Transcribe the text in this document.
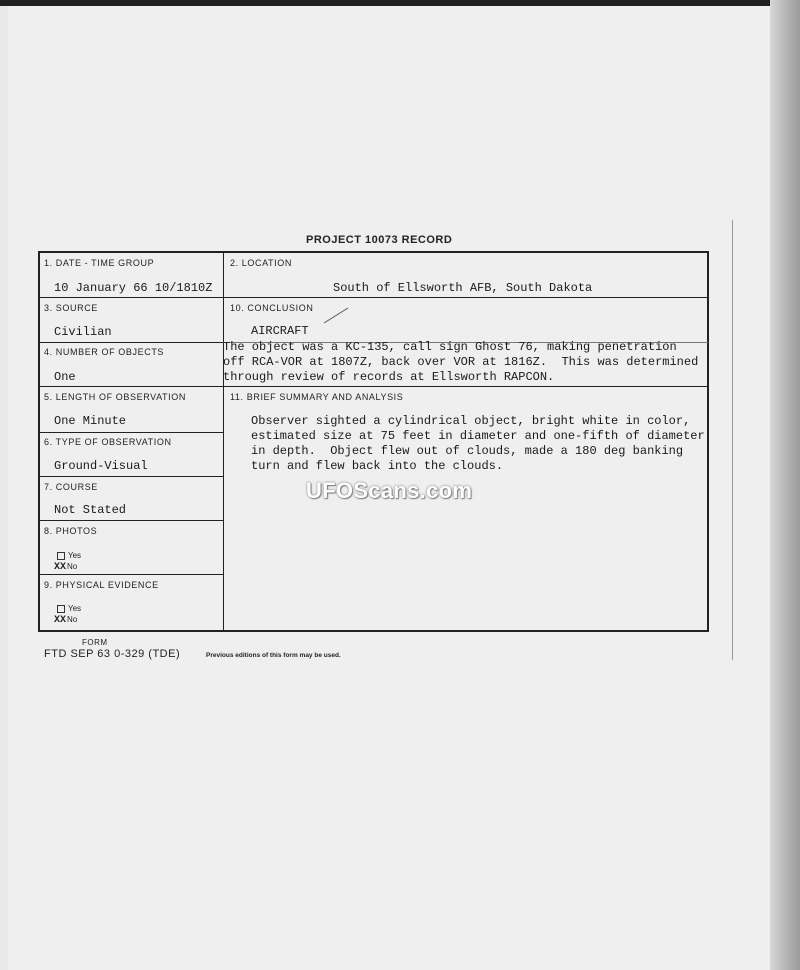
PROJECT 10073 RECORD
1. DATE - TIME GROUP
10 January 66 10/1810Z
2. LOCATION
South of Ellsworth AFB, South Dakota
3. SOURCE
Civilian
10. CONCLUSION
AIRCRAFT
The object was a KC-135, call sign Ghost 76, making penetration
off RCA-VOR at 1807Z, back over VOR at 1816Z.  This was determined
through review of records at Ellsworth RAPCON.
4. NUMBER OF OBJECTS
One
5. LENGTH OF OBSERVATION
One Minute
11. BRIEF SUMMARY AND ANALYSIS
Observer sighted a cylindrical object, bright white in color,
estimated size at 75 feet in diameter and one-fifth of diameter
in depth.  Object flew out of clouds, made a 180 deg banking
turn and flew back into the clouds.
6. TYPE OF OBSERVATION
Ground-Visual
7. COURSE
Not Stated
8. PHOTOS
Yes
XXNo
9. PHYSICAL EVIDENCE
Yes
XXNo
FORM
FTD SEP 63 0-329 (TDE)	Previous editions of this form may be used.
UFOScans.com
